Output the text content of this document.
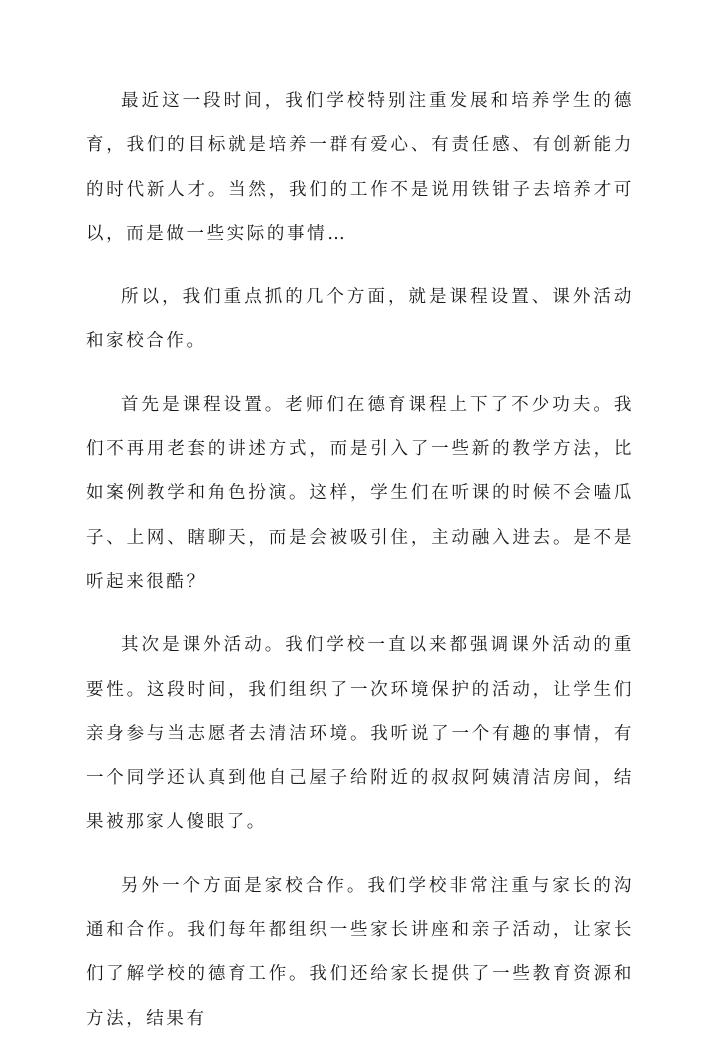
最近这一段时间，我们学校特别注重发展和培养学生的德育，我们的目标就是培养一群有爱心、有责任感、有创新能力的时代新人才。当然，我们的工作不是说用铁钳子去培养才可以，而是做一些实际的事情…

所以，我们重点抓的几个方面，就是课程设置、课外活动和家校合作。

首先是课程设置。老师们在德育课程上下了不少功夫。我们不再用老套的讲述方式，而是引入了一些新的教学方法，比如案例教学和角色扮演。这样，学生们在听课的时候不会嗑瓜子、上网、瞎聊天，而是会被吸引住，主动融入进去。是不是听起来很酷？

其次是课外活动。我们学校一直以来都强调课外活动的重要性。这段时间，我们组织了一次环境保护的活动，让学生们亲身参与当志愿者去清洁环境。我听说了一个有趣的事情，有一个同学还认真到他自己屋子给附近的叔叔阿姨清洁房间，结果被那家人傻眼了。

另外一个方面是家校合作。我们学校非常注重与家长的沟通和合作。我们每年都组织一些家长讲座和亲子活动，让家长们了解学校的德育工作。我们还给家长提供了一些教育资源和方法，结果有
